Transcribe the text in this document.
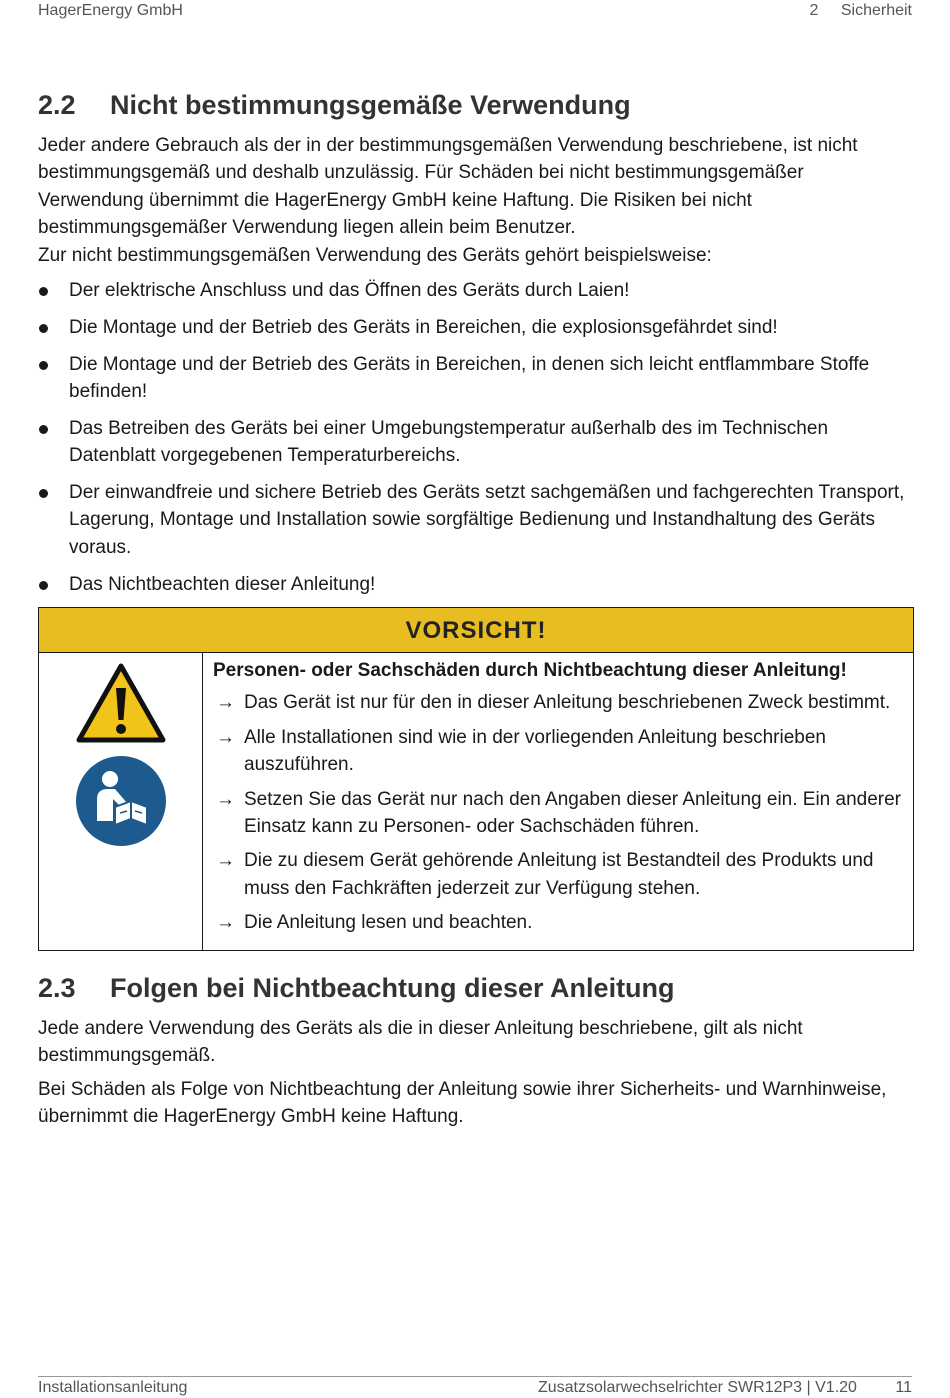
HagerEnergy GmbH	2 Sicherheit
2.2	Nicht bestimmungsgemäße Verwendung

Jeder andere Gebrauch als der in der bestimmungsgemäßen Verwendung beschriebene, ist nicht bestimmungsgemäß und deshalb unzulässig. Für Schäden bei nicht bestimmungsgemäßer Verwendung übernimmt die HagerEnergy GmbH keine Haftung. Die Risiken bei nicht bestimmungsgemäßer Verwendung liegen allein beim Benutzer.

Zur nicht bestimmungsgemäßen Verwendung des Geräts gehört beispielsweise:

Der elektrische Anschluss und das Öffnen des Geräts durch Laien!
Die Montage und der Betrieb des Geräts in Bereichen, die explosionsgefährdet sind!
Die Montage und der Betrieb des Geräts in Bereichen, in denen sich leicht entflammbare Stoffe befinden!
Das Betreiben des Geräts bei einer Umgebungstemperatur außerhalb des im Technischen Datenblatt vorgegebenen Temperaturbereichs.
Der einwandfreie und sichere Betrieb des Geräts setzt sachgemäßen und fachgerechten Transport, Lagerung, Montage und Installation sowie sorgfältige Bedienung und Instandhaltung des Geräts voraus.
Das Nichtbeachten dieser Anleitung!
VORSICHT!
Personen- oder Sachschäden durch Nichtbeachtung dieser Anleitung!
→ Das Gerät ist nur für den in dieser Anleitung beschriebenen Zweck bestimmt.
→ Alle Installationen sind wie in der vorliegenden Anleitung beschrieben auszuführen.
→ Setzen Sie das Gerät nur nach den Angaben dieser Anleitung ein. Ein anderer Einsatz kann zu Personen- oder Sachschäden führen.
→ Die zu diesem Gerät gehörende Anleitung ist Bestandteil des Produkts und muss den Fachkräften jederzeit zur Verfügung stehen.
→ Die Anleitung lesen und beachten.
2.3	Folgen bei Nichtbeachtung dieser Anleitung

Jede andere Verwendung des Geräts als die in dieser Anleitung beschriebene, gilt als nicht bestimmungsgemäß.

Bei Schäden als Folge von Nichtbeachtung der Anleitung sowie ihrer Sicherheits- und Warnhinweise, übernimmt die HagerEnergy GmbH keine Haftung.

Installationsanleitung	Zusatzsolarwechselrichter SWR12P3 | V1.20 11
